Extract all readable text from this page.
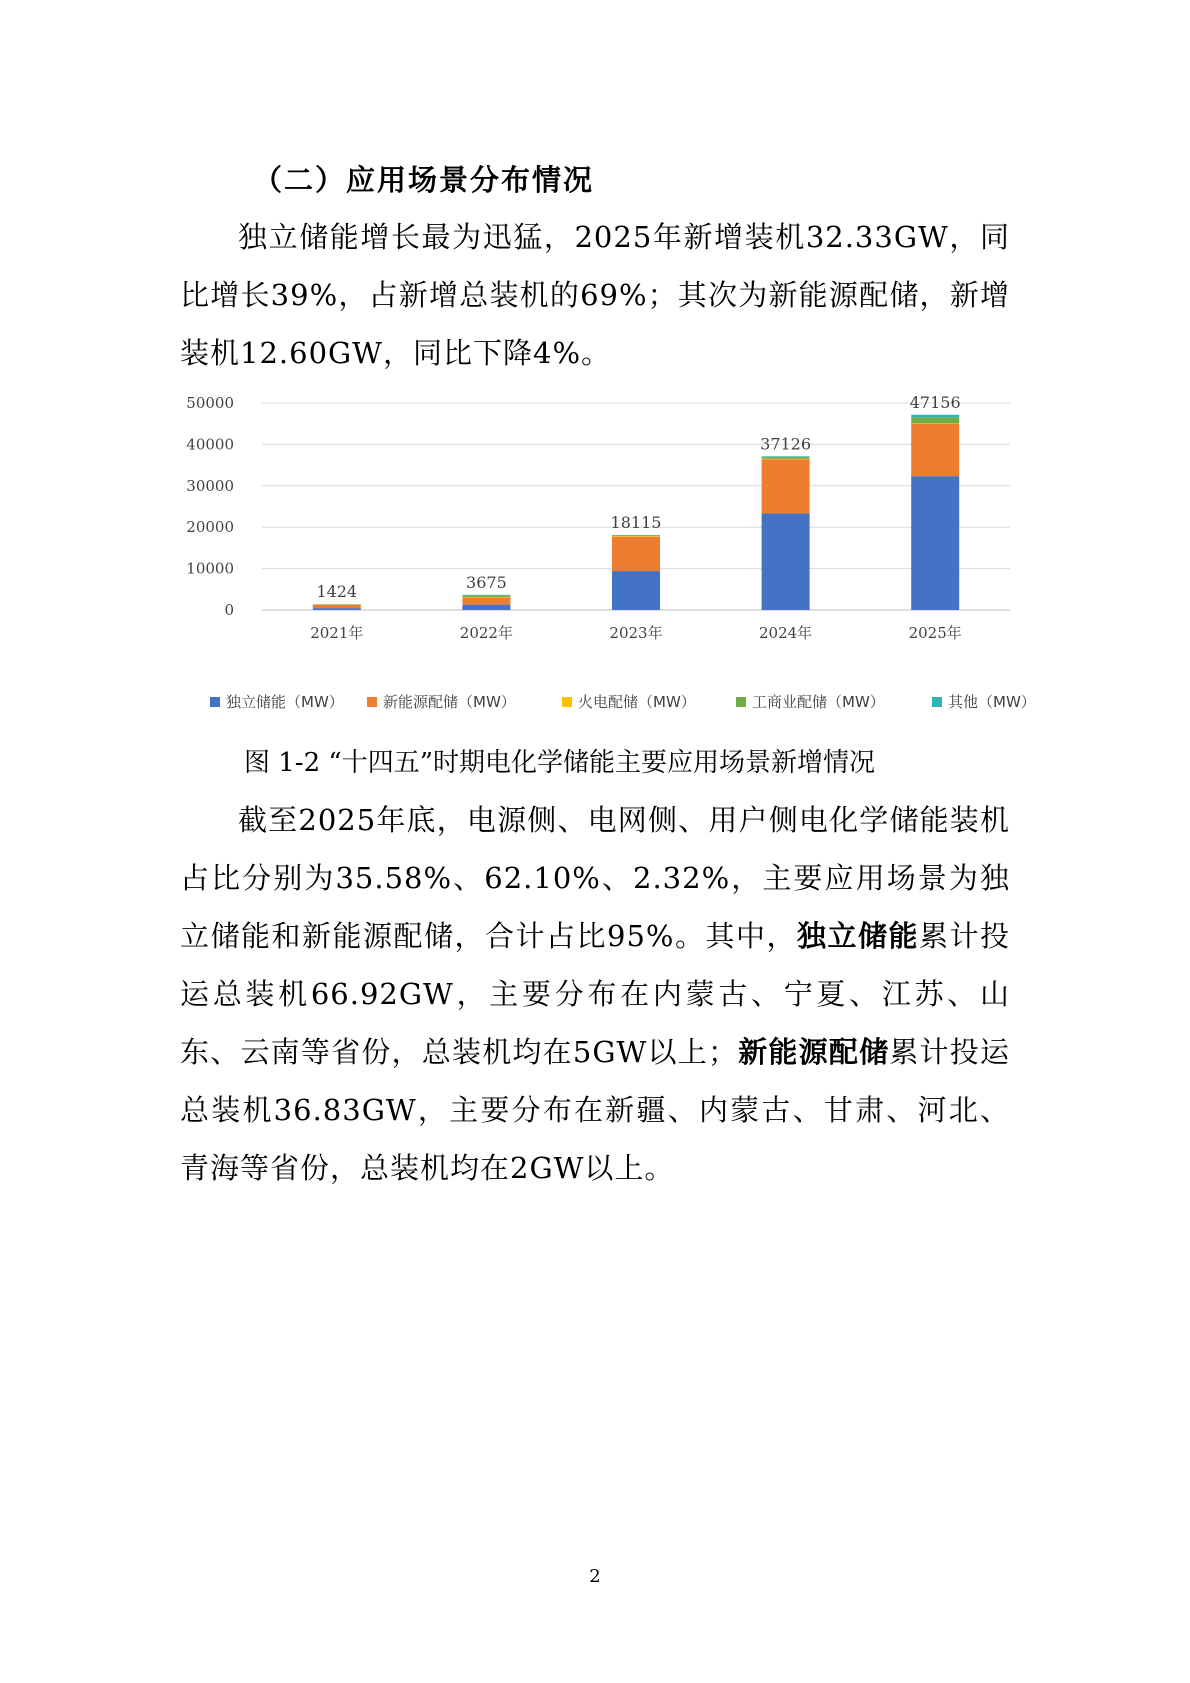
（二）应用场景分布情况

独立储能增长最为迅猛，2025年新增装机32.33GW，同比增长39%，占新增总装机的69%；其次为新能源配储，新增装机12.60GW，同比下降4%。

0
10000
20000
30000
40000
50000
1424
2021年
3675
2022年
18115
2023年
37126
2024年
47156
2025年
独立储能（MW）	新能源配储（MW）	火电配储（MW）	工商业配储（MW）	其他（MW）
图 1-2 “十四五”时期电化学储能主要应用场景新增情况

截至2025年底，电源侧、电网侧、用户侧电化学储能装机占比分别为35.58%、62.10%、2.32%，主要应用场景为独立储能和新能源配储，合计占比95%。其中，独立储能累计投运总装机66.92GW，主要分布在内蒙古、宁夏、江苏、山东、云南等省份，总装机均在5GW以上；新能源配储累计投运总装机36.83GW，主要分布在新疆、内蒙古、甘肃、河北、青海等省份，总装机均在2GW以上。

2
